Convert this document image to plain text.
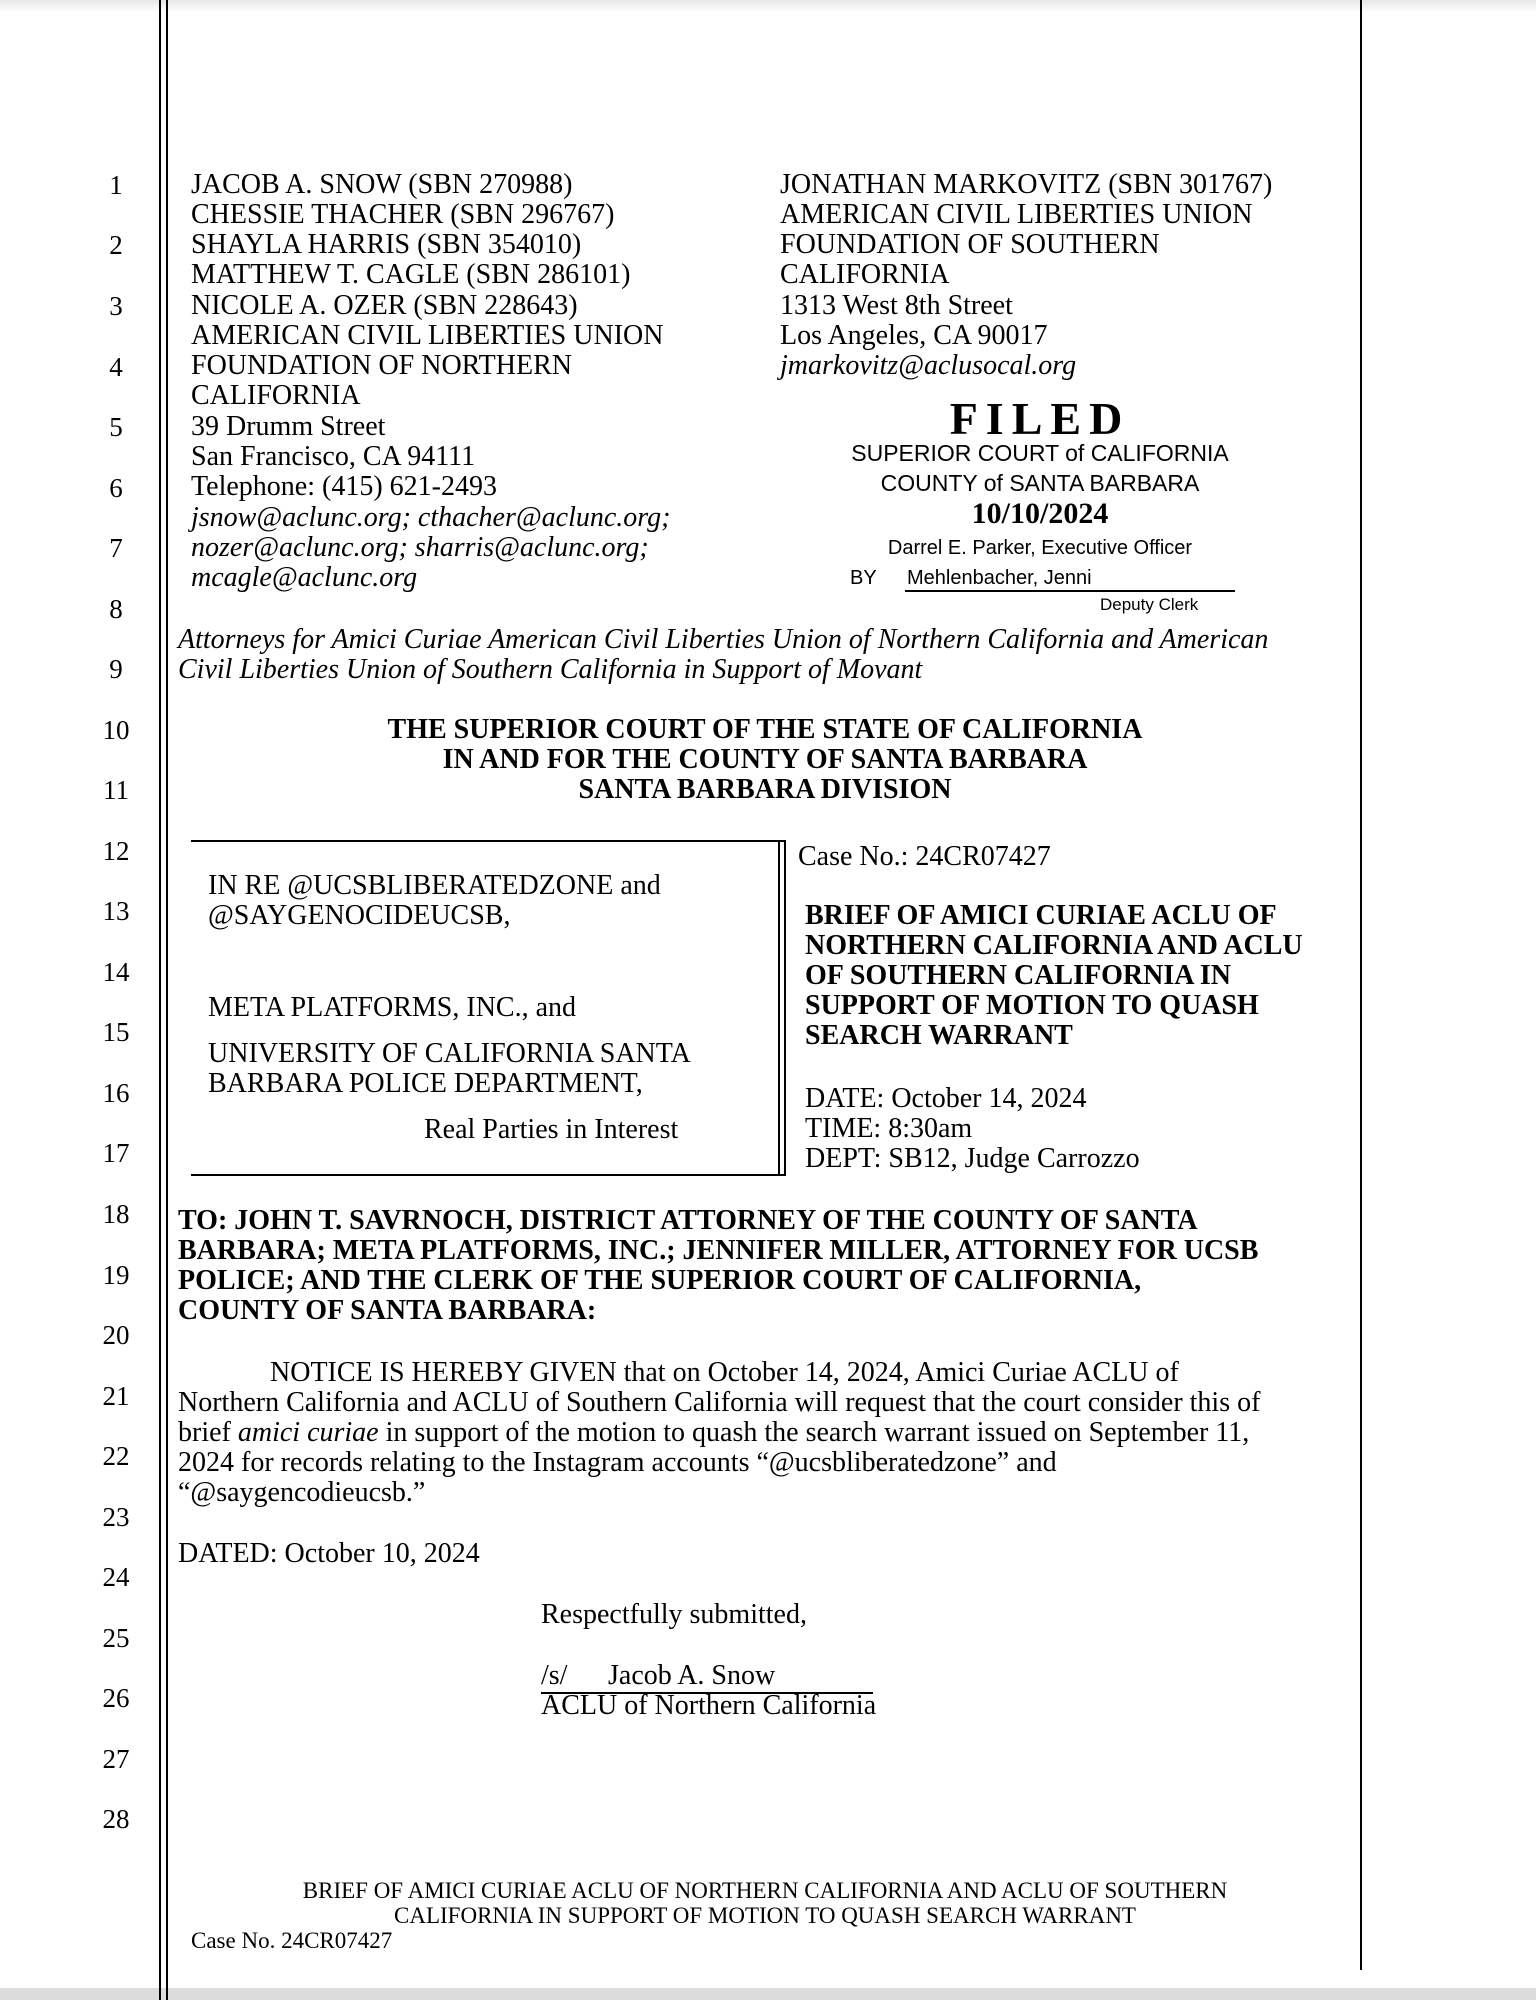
1
2
3
4
5
6
7
8
9
10
11
12
13
14
15
16
17
18
19
20
21
22
23
24
25
26
27
28
JACOB A. SNOW (SBN 270988)
CHESSIE THACHER (SBN 296767)
SHAYLA HARRIS (SBN 354010)
MATTHEW T. CAGLE (SBN 286101)
NICOLE A. OZER (SBN 228643)
AMERICAN CIVIL LIBERTIES UNION
FOUNDATION OF NORTHERN
CALIFORNIA
39 Drumm Street
San Francisco, CA 94111
Telephone: (415) 621-2493
jsnow@aclunc.org; cthacher@aclunc.org;
nozer@aclunc.org; sharris@aclunc.org;
mcagle@aclunc.org
JONATHAN MARKOVITZ (SBN 301767)
AMERICAN CIVIL LIBERTIES UNION
FOUNDATION OF SOUTHERN
CALIFORNIA
1313 West 8th Street
Los Angeles, CA 90017
jmarkovitz@aclusocal.org
FILED
SUPERIOR COURT of CALIFORNIA
COUNTY of SANTA BARBARA
10/10/2024
Darrel E. Parker, Executive Officer
BY Mehlenbacher, Jenni
Deputy Clerk
Attorneys for Amici Curiae American Civil Liberties Union of Northern California and American
Civil Liberties Union of Southern California in Support of Movant
THE SUPERIOR COURT OF THE STATE OF CALIFORNIA
IN AND FOR THE COUNTY OF SANTA BARBARA
SANTA BARBARA DIVISION
IN RE @UCSBLIBERATEDZONE and
@SAYGENOCIDEUCSB,
META PLATFORMS, INC., and
UNIVERSITY OF CALIFORNIA SANTA
BARBARA POLICE DEPARTMENT,
Real Parties in Interest
Case No.: 24CR07427
BRIEF OF AMICI CURIAE ACLU OF
NORTHERN CALIFORNIA AND ACLU
OF SOUTHERN CALIFORNIA IN
SUPPORT OF MOTION TO QUASH
SEARCH WARRANT
DATE: October 14, 2024
TIME: 8:30am
DEPT: SB12, Judge Carrozzo
TO: JOHN T. SAVRNOCH, DISTRICT ATTORNEY OF THE COUNTY OF SANTA
BARBARA; META PLATFORMS, INC.; JENNIFER MILLER, ATTORNEY FOR UCSB
POLICE; AND THE CLERK OF THE SUPERIOR COURT OF CALIFORNIA,
COUNTY OF SANTA BARBARA:
NOTICE IS HEREBY GIVEN that on October 14, 2024, Amici Curiae ACLU of
Northern California and ACLU of Southern California will request that the court consider this of
brief amici curiae in support of the motion to quash the search warrant issued on September 11,
2024 for records relating to the Instagram accounts “@ucsbliberatedzone” and
“@saygencodieucsb.”
DATED: October 10, 2024
Respectfully submitted,
/s/ Jacob A. Snow
ACLU of Northern California
BRIEF OF AMICI CURIAE ACLU OF NORTHERN CALIFORNIA AND ACLU OF SOUTHERN
CALIFORNIA IN SUPPORT OF MOTION TO QUASH SEARCH WARRANT
Case No. 24CR07427
